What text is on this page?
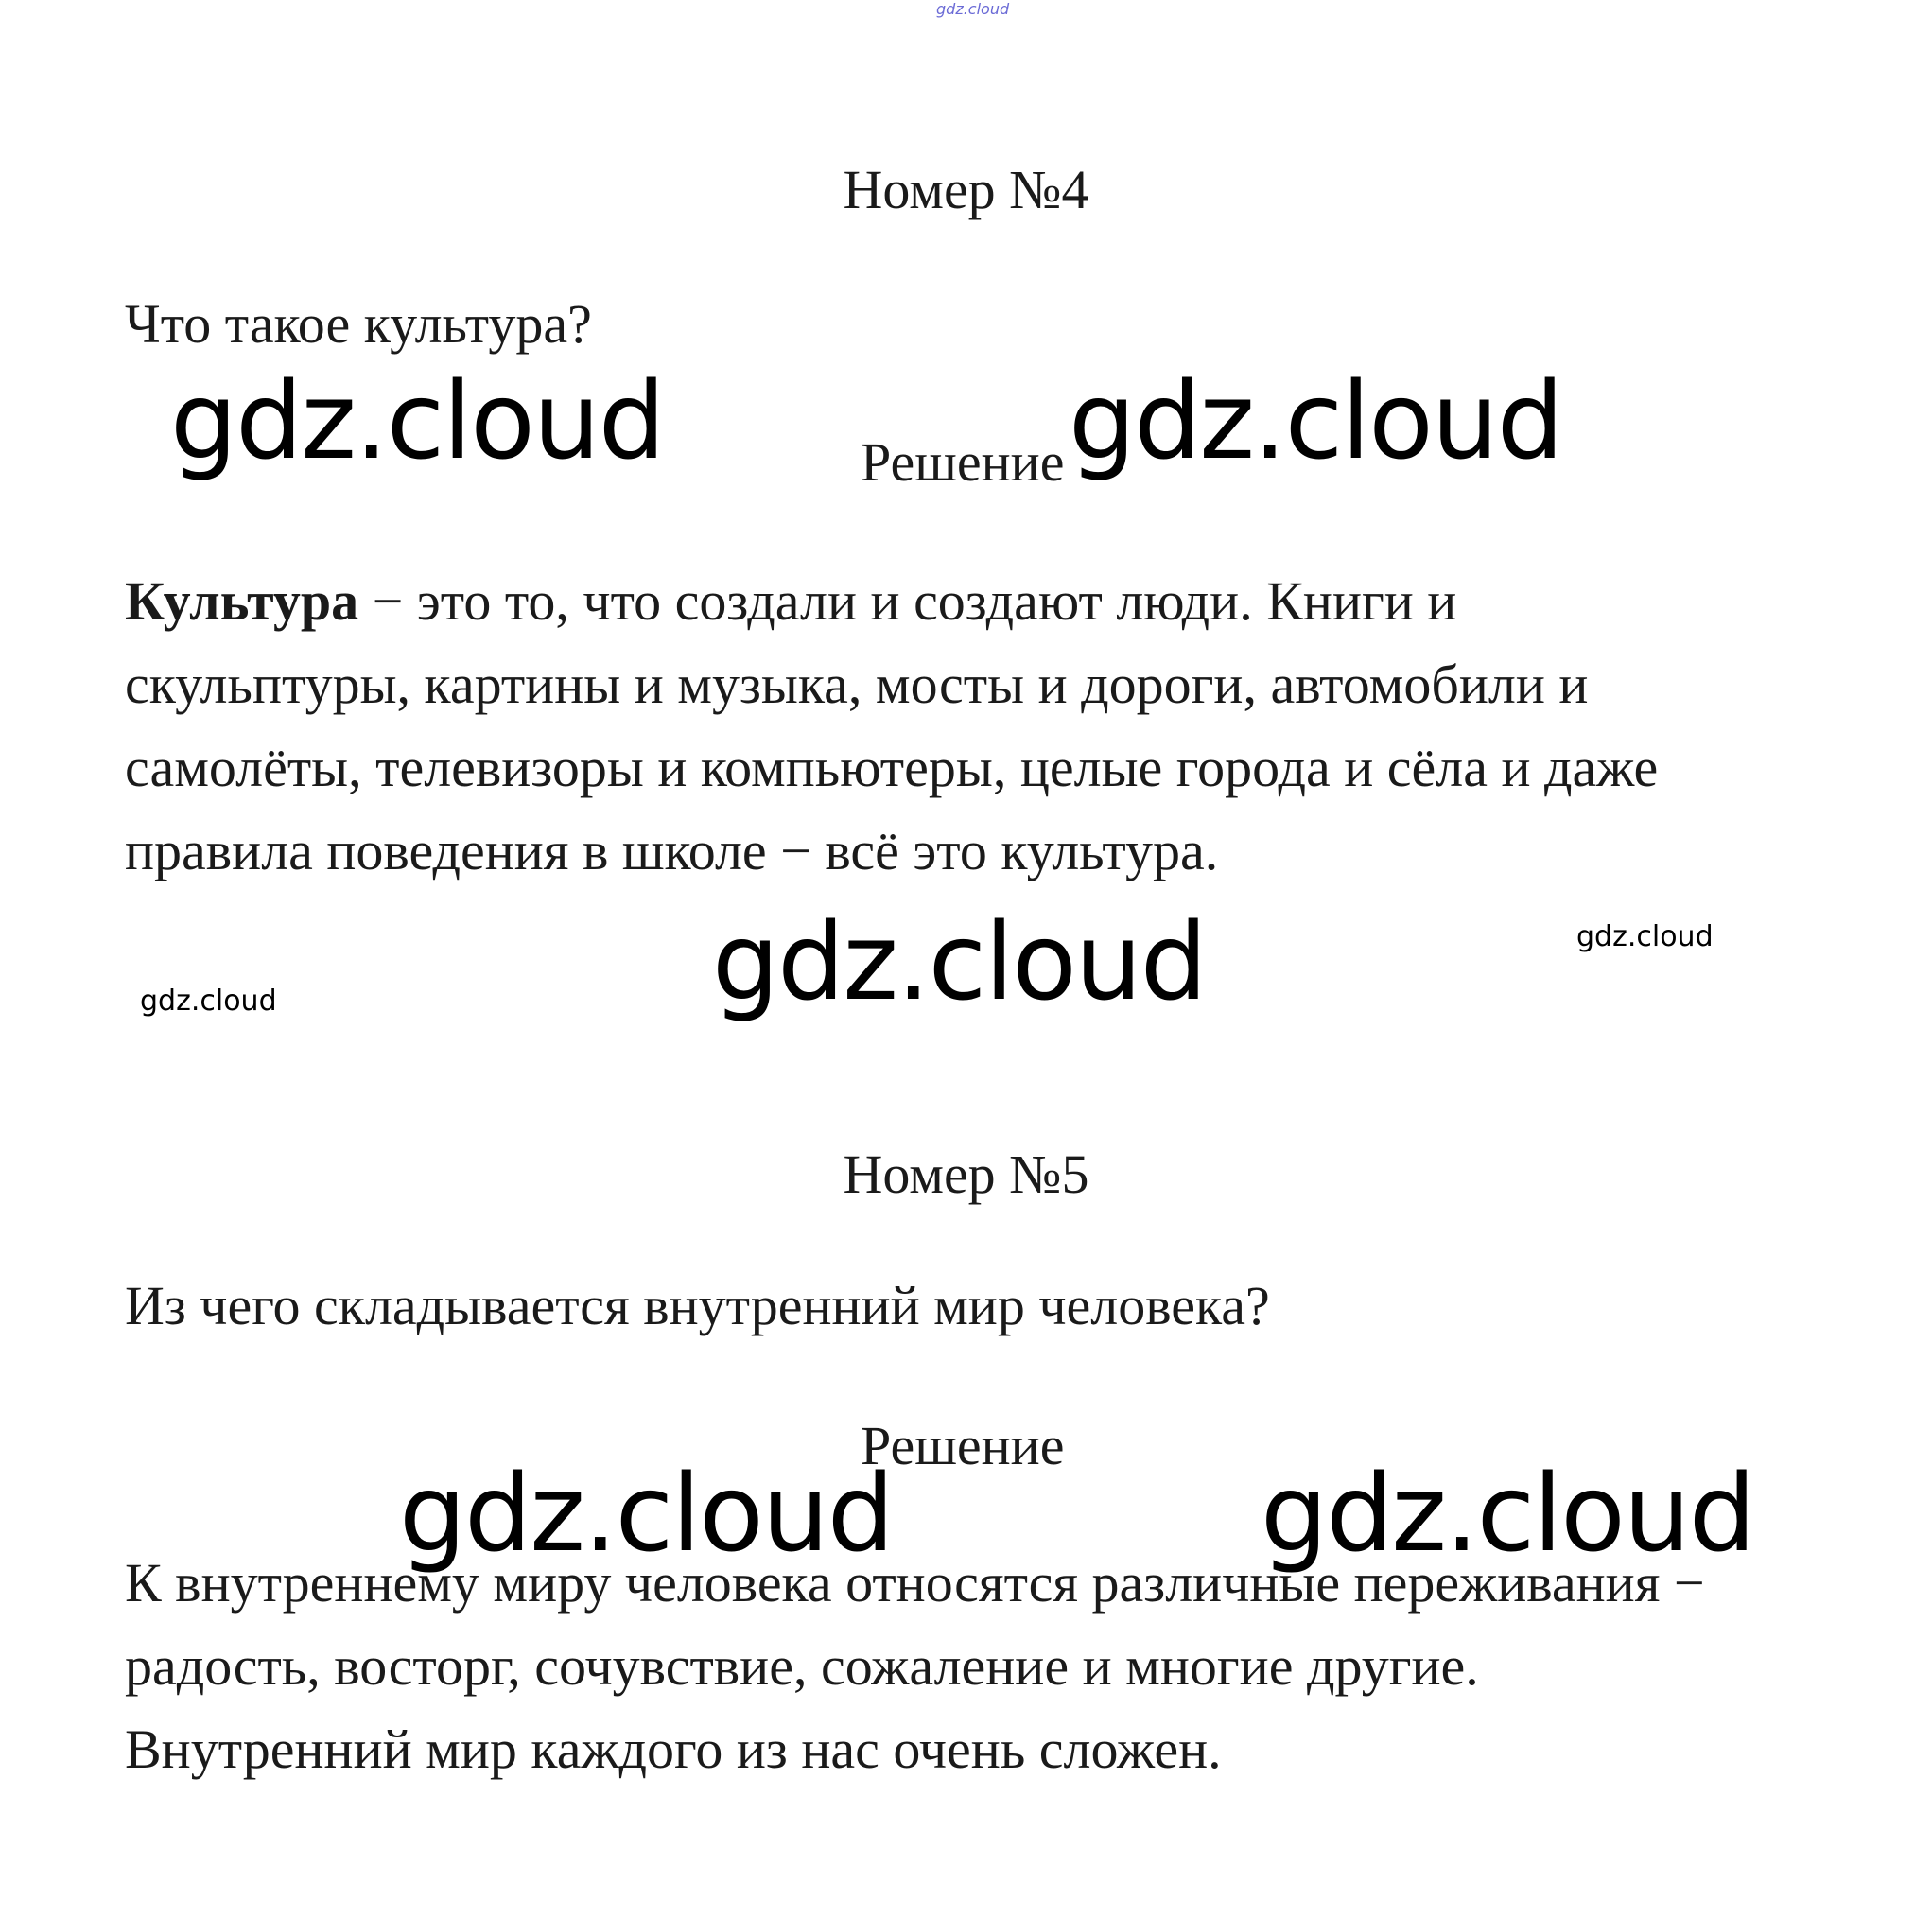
gdz.cloud
Номер №4
Что такое культура?
gdz.cloud	Решение gdz.cloud
Культура − это то, что создали и создают люди. Книги и
скульптуры, картины и музыка, мосты и дороги, автомобили и
самолёты, телевизоры и компьютеры, целые города и сёла и даже
правила поведения в школе − всё это культура.
gdz.cloud	gdz.cloud
gdz.cloud
Номер №5
Из чего складывается внутренний мир человека?
Решение
gdz.cloud	gdz.cloud
К внутреннему миру человека относятся различные переживания −
радость, восторг, сочувствие, сожаление и многие другие.
Внутренний мир каждого из нас очень сложен.
